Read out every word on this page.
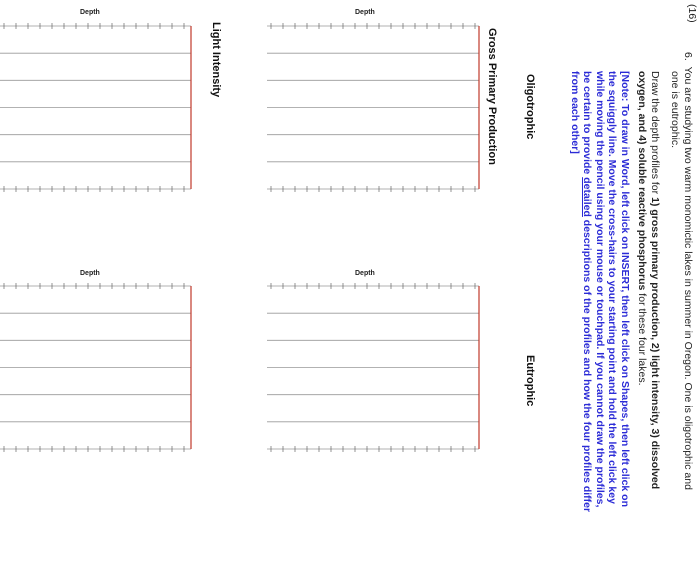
(16)
6.  You are studying two warm monomictic lakes in summer in Oregon. One is oligotrophic and
one is eutrophic.
Draw the depth profiles for 1) gross primary production, 2) light intensity, 3) dissolved
oxygen, and 4) soluble reactive phosphorus for these four lakes.
[Note: To draw in Word, left click on INSERT, then left click on Shapes, then left click on
the squiggly line. Move the cross-hairs to your starting point and hold the left click key
while moving the pencil using your mouse or touchpad. If you cannot draw the profiles,
be certain to provide detailed descriptions of the profiles and how the four profiles differ
from each other]
Oligotrophic
Eutrophic
Gross Primary Production
Light Intensity
Depth
Depth
Depth
Depth
